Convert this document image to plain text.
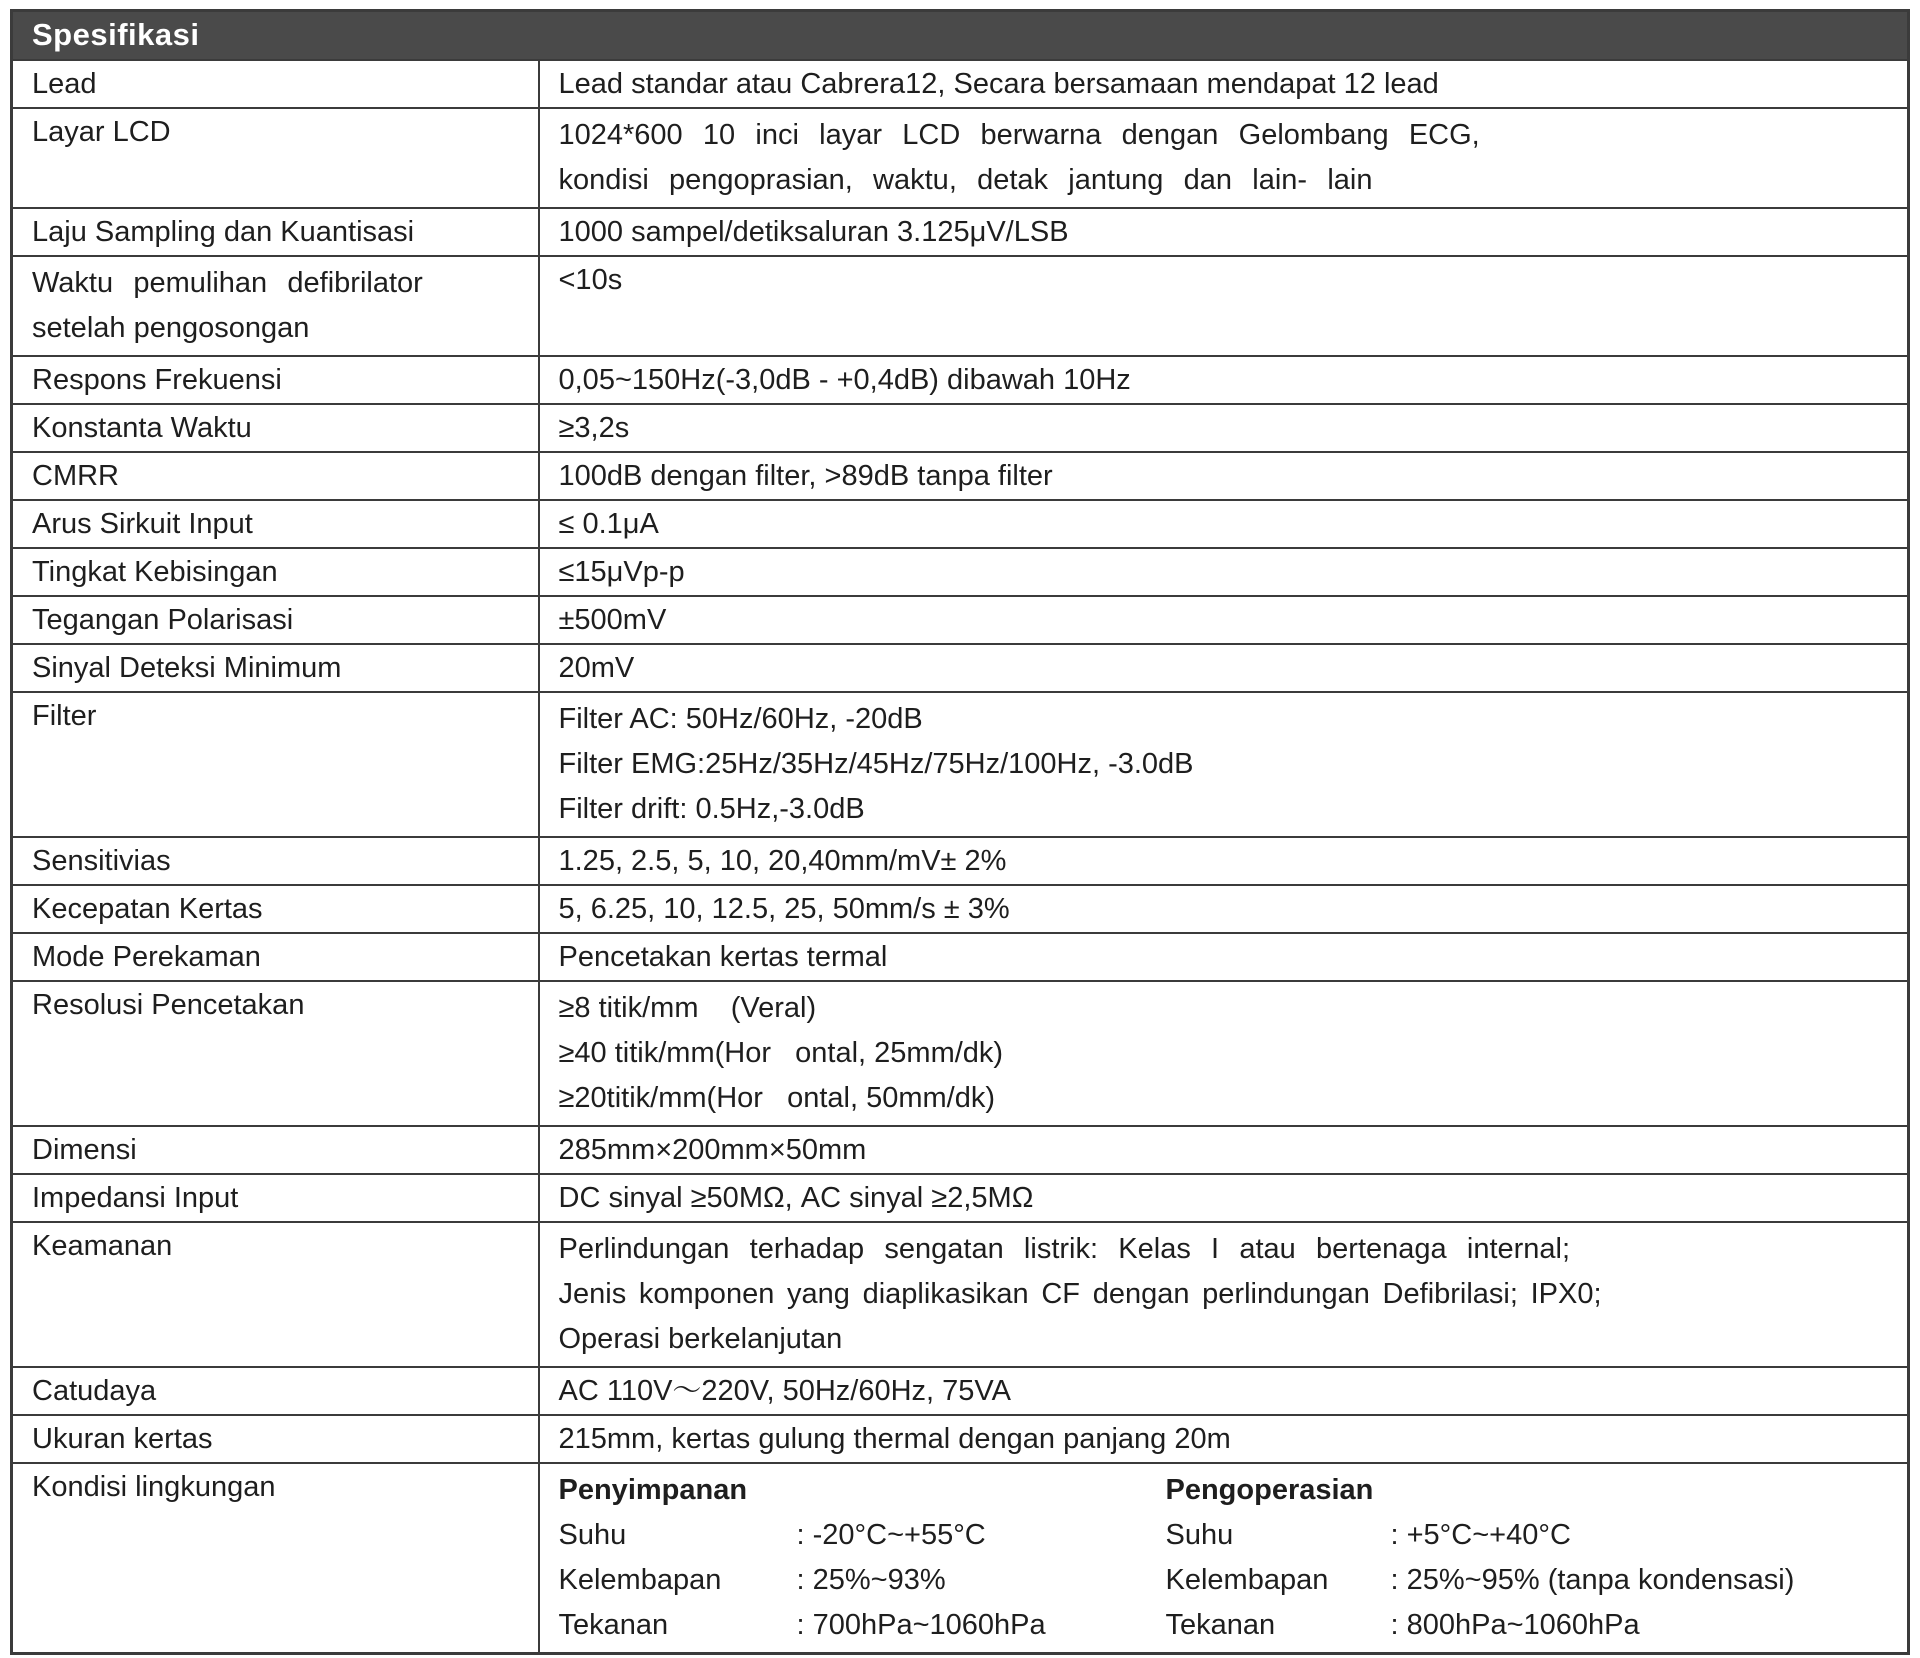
Spesifikasi	

Lead	Lead standar atau Cabrera12, Secara bersamaan mendapat 12 lead

Layar LCD	1024*600 10 inci layar LCD berwarna dengan Gelombang ECG,
kondisi pengoprasian, waktu, detak jantung dan lain- lain

Laju Sampling dan Kuantisasi	1000 sampel/detiksaluran 3.125μV/LSB

Waktu pemulihan defibrilator
setelah pengosongan	<10s

Respons Frekuensi	0,05~150Hz(-3,0dB - +0,4dB) dibawah 10Hz

Konstanta Waktu	≥3,2s

CMRR	100dB dengan filter, >89dB tanpa filter

Arus Sirkuit Input	≤ 0.1μA

Tingkat Kebisingan	≤15μVp-p

Tegangan Polarisasi	±500mV

Sinyal Deteksi Minimum	20mV

Filter	Filter AC: 50Hz/60Hz, -20dB
Filter EMG:25Hz/35Hz/45Hz/75Hz/100Hz, -3.0dB
Filter drift: 0.5Hz,-3.0dB

Sensitivias	1.25, 2.5, 5, 10, 20,40mm/mV± 2%

Kecepatan Kertas	5, 6.25, 10, 12.5, 25, 50mm/s ± 3%

Mode Perekaman	Pencetakan kertas termal

Resolusi Pencetakan	≥8 titik/mm    (Veral)
≥40 titik/mm(Hor   ontal, 25mm/dk)
≥20titik/mm(Hor   ontal, 50mm/dk)

Dimensi	285mm×200mm×50mm

Impedansi Input	DC sinyal ≥50MΩ, AC sinyal ≥2,5MΩ

Keamanan	Perlindungan terhadap sengatan listrik: Kelas I atau bertenaga internal;
Jenis komponen yang diaplikasikan CF dengan perlindungan Defibrilasi; IPX0;
Operasi berkelanjutan

Catudaya	AC 110V～220V, 50Hz/60Hz, 75VA

Ukuran kertas	215mm, kertas gulung thermal dengan panjang 20m

Kondisi lingkungan	Penyimpanan
Suhu	: -20°C~+55°C
Kelembapan	: 25%~93%
Tekanan	: 700hPa~1060hPa
Pengoperasian
Suhu	: +5°C~+40°C
Kelembapan	: 25%~95% (tanpa kondensasi)
Tekanan	: 800hPa~1060hPa
